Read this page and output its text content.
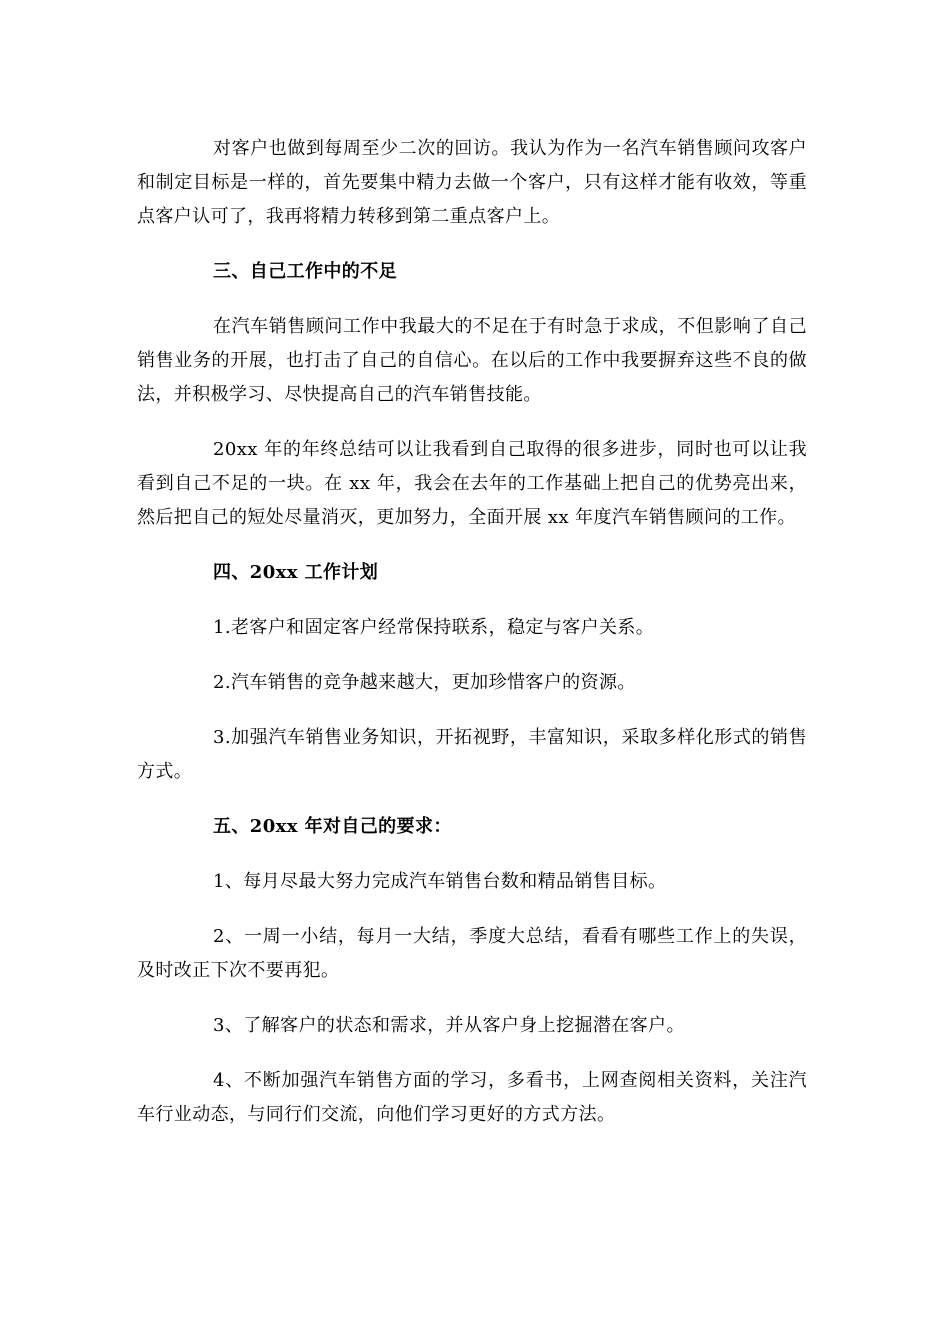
对客户也做到每周至少二次的回访。我认为作为一名汽车销售顾问攻客户和制定目标是一样的，首先要集中精力去做一个客户，只有这样才能有收效，等重点客户认可了，我再将精力转移到第二重点客户上。

三、自己工作中的不足

在汽车销售顾问工作中我最大的不足在于有时急于求成，不但影响了自己销售业务的开展，也打击了自己的自信心。在以后的工作中我要摒弃这些不良的做法，并积极学习、尽快提高自己的汽车销售技能。

20xx 年的年终总结可以让我看到自己取得的很多进步，同时也可以让我看到自己不足的一块。在 xx 年，我会在去年的工作基础上把自己的优势亮出来，然后把自己的短处尽量消灭，更加努力，全面开展 xx 年度汽车销售顾问的工作。

四、20xx 工作计划

1.老客户和固定客户经常保持联系，稳定与客户关系。

2.汽车销售的竞争越来越大，更加珍惜客户的资源。

3.加强汽车销售业务知识，开拓视野，丰富知识，采取多样化形式的销售方式。

五、20xx 年对自己的要求：

1、每月尽最大努力完成汽车销售台数和精品销售目标。

2、一周一小结，每月一大结，季度大总结，看看有哪些工作上的失误，及时改正下次不要再犯。

3、了解客户的状态和需求，并从客户身上挖掘潜在客户。

4、不断加强汽车销售方面的学习，多看书，上网查阅相关资料，关注汽车行业动态，与同行们交流，向他们学习更好的方式方法。
